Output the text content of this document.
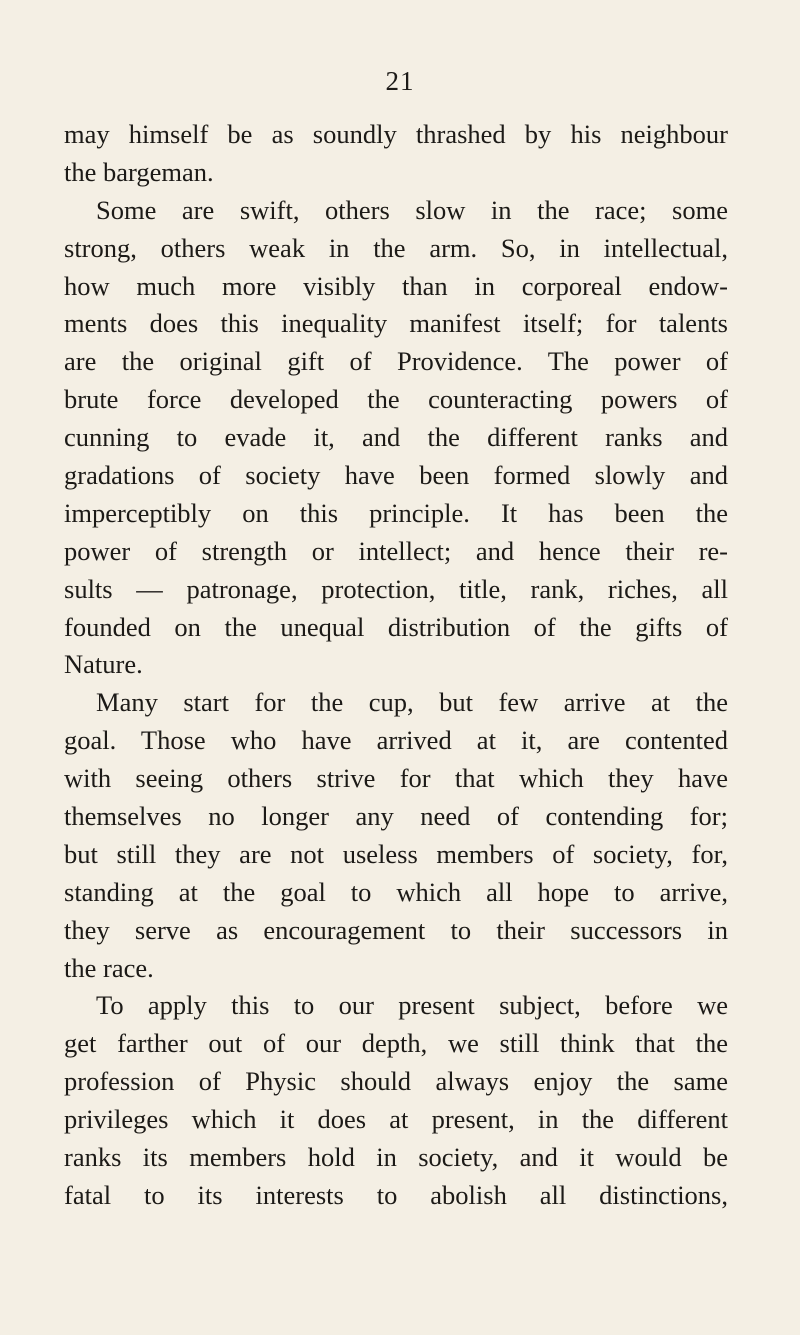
21
may himself be as soundly thrashed by his neighbour
the bargeman.
Some are swift, others slow in the race; some
strong, others weak in the arm. So, in intellectual,
how much more visibly than in corporeal endow-
ments does this inequality manifest itself; for talents
are the original gift of Providence. The power of
brute force developed the counteracting powers of
cunning to evade it, and the different ranks and
gradations of society have been formed slowly and
imperceptibly on this principle. It has been the
power of strength or intellect; and hence their re-
sults — patronage, protection, title, rank, riches, all
founded on the unequal distribution of the gifts of
Nature.
Many start for the cup, but few arrive at the
goal. Those who have arrived at it, are contented
with seeing others strive for that which they have
themselves no longer any need of contending for;
but still they are not useless members of society, for,
standing at the goal to which all hope to arrive,
they serve as encouragement to their successors in
the race.
To apply this to our present subject, before we
get farther out of our depth, we still think that the
profession of Physic should always enjoy the same
privileges which it does at present, in the different
ranks its members hold in society, and it would be
fatal to its interests to abolish all distinctions,
